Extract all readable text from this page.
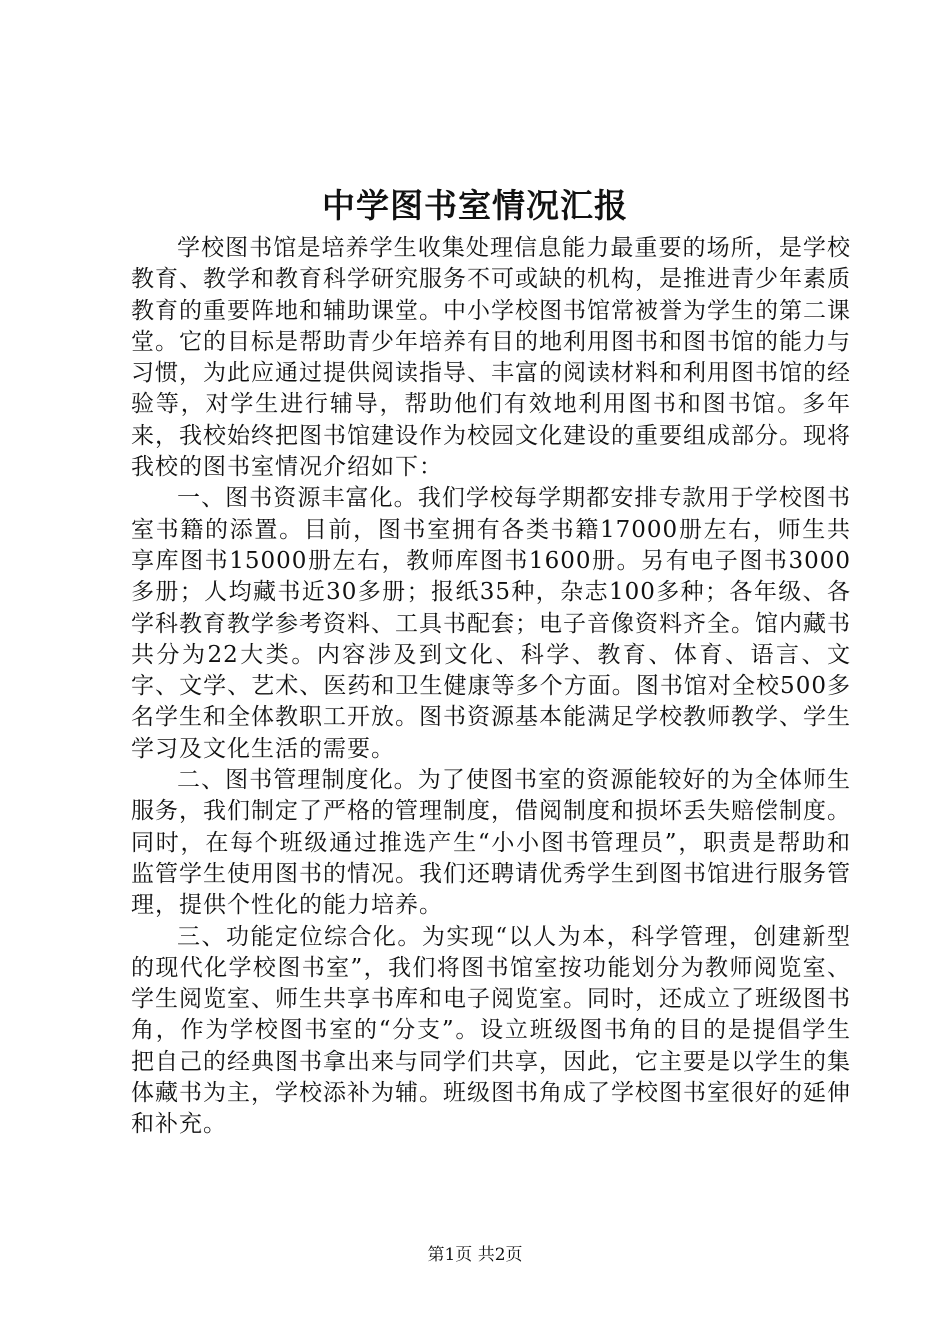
中学图书室情况汇报

学校图书馆是培养学生收集处理信息能力最重要的场所，是学校教育、教学和教育科学研究服务不可或缺的机构，是推进青少年素质教育的重要阵地和辅助课堂。中小学校图书馆常被誉为学生的第二课堂。它的目标是帮助青少年培养有目的地利用图书和图书馆的能力与习惯，为此应通过提供阅读指导、丰富的阅读材料和利用图书馆的经验等，对学生进行辅导，帮助他们有效地利用图书和图书馆。多年来，我校始终把图书馆建设作为校园文化建设的重要组成部分。现将我校的图书室情况介绍如下：

一、图书资源丰富化。我们学校每学期都安排专款用于学校图书室书籍的添置。目前，图书室拥有各类书籍17000册左右，师生共享库图书15000册左右，教师库图书1600册。另有电子图书3000多册；人均藏书近30多册；报纸35种，杂志100多种；各年级、各学科教育教学参考资料、工具书配套；电子音像资料齐全。馆内藏书共分为22大类。内容涉及到文化、科学、教育、体育、语言、文字、文学、艺术、医药和卫生健康等多个方面。图书馆对全校500多名学生和全体教职工开放。图书资源基本能满足学校教师教学、学生学习及文化生活的需要。

二、图书管理制度化。为了使图书室的资源能较好的为全体师生服务，我们制定了严格的管理制度，借阅制度和损坏丢失赔偿制度。同时，在每个班级通过推选产生“小小图书管理员”，职责是帮助和监管学生使用图书的情况。我们还聘请优秀学生到图书馆进行服务管理，提供个性化的能力培养。

三、功能定位综合化。为实现“以人为本，科学管理，创建新型的现代化学校图书室”，我们将图书馆室按功能划分为教师阅览室、学生阅览室、师生共享书库和电子阅览室。同时，还成立了班级图书角，作为学校图书室的“分支”。设立班级图书角的目的是提倡学生把自己的经典图书拿出来与同学们共享，因此，它主要是以学生的集体藏书为主，学校添补为辅。班级图书角成了学校图书室很好的延伸和补充。

第1页 共2页
